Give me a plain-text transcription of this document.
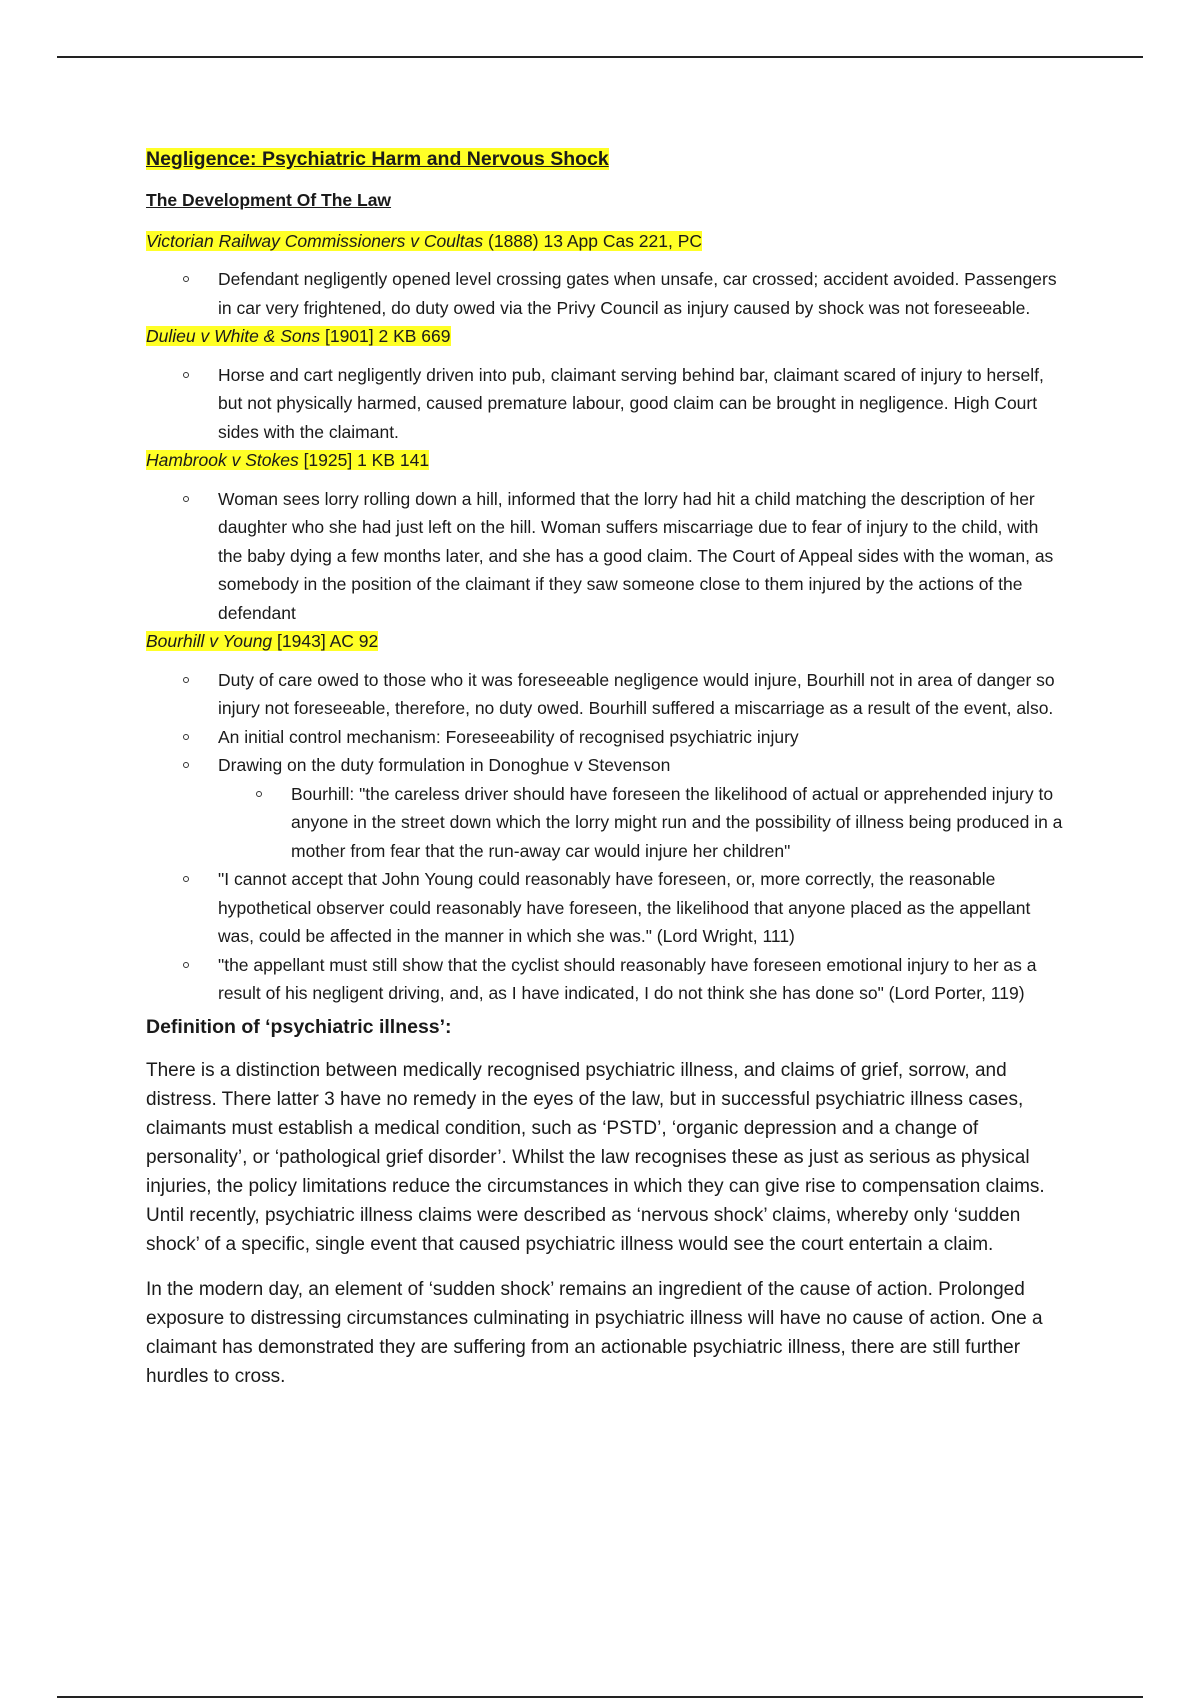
Negligence: Psychiatric Harm and Nervous Shock
The Development Of The Law

Victorian Railway Commissioners v Coultas (1888) 13 App Cas 221, PC

Defendant negligently opened level crossing gates when unsafe, car crossed; accident avoided. Passengers in car very frightened, do duty owed via the Privy Council as injury caused by shock was not foreseeable.

Dulieu v White & Sons [1901] 2 KB 669

Horse and cart negligently driven into pub, claimant serving behind bar, claimant scared of injury to herself, but not physically harmed, caused premature labour, good claim can be brought in negligence. High Court sides with the claimant.

Hambrook v Stokes [1925] 1 KB 141

Woman sees lorry rolling down a hill, informed that the lorry had hit a child matching the description of her daughter who she had just left on the hill. Woman suffers miscarriage due to fear of injury to the child, with the baby dying a few months later, and she has a good claim. The Court of Appeal sides with the woman, as somebody in the position of the claimant if they saw someone close to them injured by the actions of the defendant

Bourhill v Young [1943] AC 92

Duty of care owed to those who it was foreseeable negligence would injure, Bourhill not in area of danger so injury not foreseeable, therefore, no duty owed. Bourhill suffered a miscarriage as a result of the event, also.
An initial control mechanism: Foreseeability of recognised psychiatric injury
Drawing on the duty formulation in Donoghue v Stevenson
Bourhill: "the careless driver should have foreseen the likelihood of actual or apprehended injury to anyone in the street down which the lorry might run and the possibility of illness being produced in a mother from fear that the run-away car would injure her children"
"I cannot accept that John Young could reasonably have foreseen, or, more correctly, the reasonable hypothetical observer could reasonably have foreseen, the likelihood that anyone placed as the appellant was, could be affected in the manner in which she was." (Lord Wright, 111)
"the appellant must still show that the cyclist should reasonably have foreseen emotional injury to her as a result of his negligent driving, and, as I have indicated, I do not think she has done so" (Lord Porter, 119)
Definition of ‘psychiatric illness’:

There is a distinction between medically recognised psychiatric illness, and claims of grief, sorrow, and distress. There latter 3 have no remedy in the eyes of the law, but in successful psychiatric illness cases, claimants must establish a medical condition, such as ‘PSTD’, ‘organic depression and a change of personality’, or ‘pathological grief disorder’. Whilst the law recognises these as just as serious as physical injuries, the policy limitations reduce the circumstances in which they can give rise to compensation claims. Until recently, psychiatric illness claims were described as ‘nervous shock’ claims, whereby only ‘sudden shock’ of a specific, single event that caused psychiatric illness would see the court entertain a claim.

In the modern day, an element of ‘sudden shock’ remains an ingredient of the cause of action. Prolonged exposure to distressing circumstances culminating in psychiatric illness will have no cause of action. One a claimant has demonstrated they are suffering from an actionable psychiatric illness, there are still further hurdles to cross.
